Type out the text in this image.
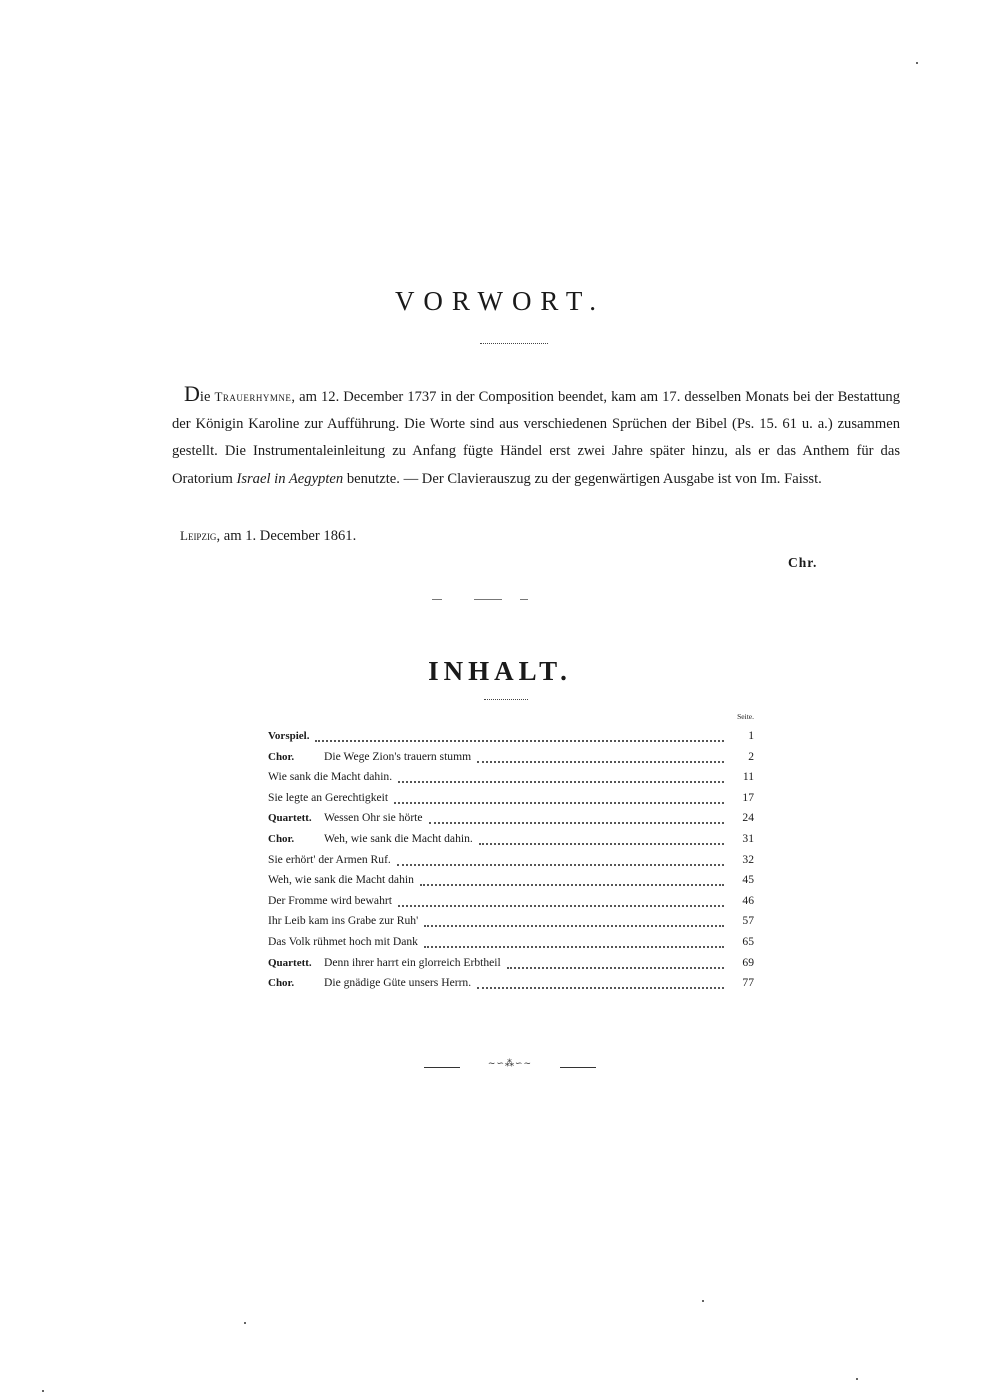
VORWORT.

Die Trauerhymne, am 12. December 1737 in der Composition beendet, kam am 17. desselben Monats bei der Bestattung der Königin Karoline zur Aufführung. Die Worte sind aus verschiedenen Sprüchen der Bibel (Ps. 15. 61 u. a.) zusammen gestellt. Die Instrumentaleinleitung zu Anfang fügte Händel erst zwei Jahre später hinzu, als er das Anthem für das Oratorium Israel in Aegypten benutzte. — Der Clavierauszug zu der gegenwärtigen Ausgabe ist von Im. Faisst.

Leipzig, am 1. December 1861.

Chr.

INHALT.

Seite.

Vorspiel.	1
Chor.	Die Wege Zion's trauern stumm	2
Wie sank die Macht dahin.	11
Sie legte an Gerechtigkeit	17
Quartett. Wessen Ohr sie hörte	24
Chor.	Weh, wie sank die Macht dahin.	31
Sie erhört' der Armen Ruf.	32
Weh, wie sank die Macht dahin	45
Der Fromme wird bewahrt	46
Ihr Leib kam ins Grabe zur Ruh'	57
Das Volk rühmet hoch mit Dank	65
Quartett. Denn ihrer harrt ein glorreich Erbtheil	69
Chor.	Die gnädige Güte unsers Herrn.	77
~∽⁂∽~
